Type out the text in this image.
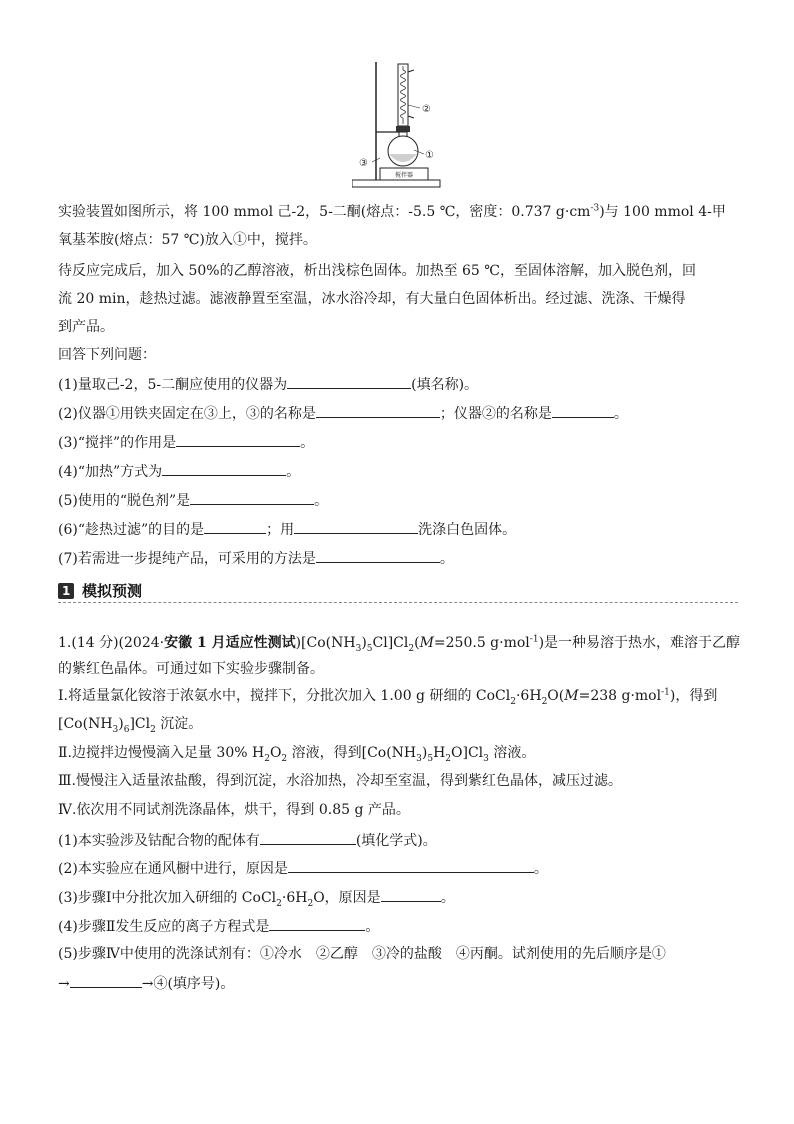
搅拌器
②
①
③
实验装置如图所示，将 100 mmol 己-2，5-二酮(熔点：-5.5 ℃，密度：0.737 $g\cdot cm^{-3}$)与 100 mmol 4-甲
氧基苯胺(熔点：57 ℃)放入①中，搅拌。
待反应完成后，加入 50%的乙醇溶液，析出浅棕色固体。加热至 65 ℃，至固体溶解，加入脱色剂，回
流 20 min，趁热过滤。滤液静置至室温，冰水浴冷却，有大量白色固体析出。经过滤、洗涤、干燥得
到产品。
回答下列问题：
(1)量取己-2，5-二酮应使用的仪器为	(填名称)。
(2)仪器①用铁夹固定在③上，③的名称是	；仪器②的名称是	。
(3)“搅拌”的作用是	。
(4)“加热”方式为	。
(5)使用的“脱色剂”是	。
(6)“趁热过滤”的目的是	；用	洗涤白色固体。
(7)若需进一步提纯产品，可采用的方法是	。
1 模拟预测
1.(14 分)(2024·安徽 1 月适应性测试)$[Co(NH_3)_5Cl]Cl_2(M=250.5$ g·mol$^{-1}$)是一种易溶于热水，难溶于乙醇
的紫红色晶体。可通过如下实验步骤制备。
Ⅰ.将适量氯化铵溶于浓氨水中，搅拌下，分批次加入 1.00 g 研细的 $CoCl_2\cdot 6H_2O(M=238$ g·mol$^{-1}$)，得到
$[Co(NH_3)_6]Cl_2$ 沉淀。
Ⅱ.边搅拌边慢慢滴入足量 30% $H_2O_2$ 溶液，得到$[Co(NH_3)_5H_2O]Cl_3$ 溶液。
Ⅲ.慢慢注入适量浓盐酸，得到沉淀，水浴加热，冷却至室温，得到紫红色晶体，减压过滤。
Ⅳ.依次用不同试剂洗涤晶体，烘干，得到 0.85 g 产品。
(1)本实验涉及钴配合物的配体有	(填化学式)。
(2)本实验应在通风橱中进行，原因是	。
(3)步骤Ⅰ中分批次加入研细的 $CoCl_2\cdot 6H_2O$，原因是	。
(4)步骤Ⅱ发生反应的离子方程式是	。
(5)步骤Ⅳ中使用的洗涤试剂有：①冷水　②乙醇　③冷的盐酸　④丙酮。试剂使用的先后顺序是①
→	→④(填序号)。
